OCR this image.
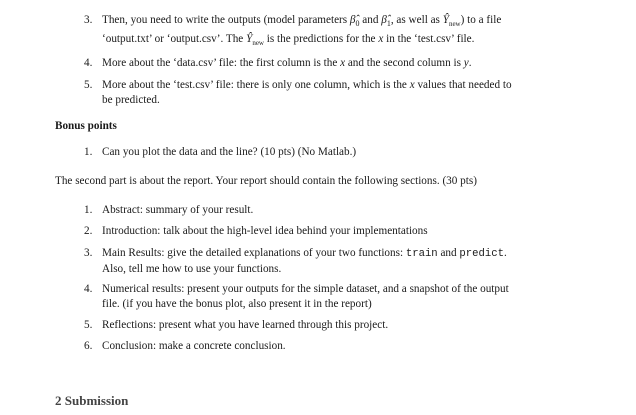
3. Then, you need to write the outputs (model parameters $\betâ_0$ and $\betâ_1$, as well as $Ŷ_{new}$) to a file
‘output.txt’ or ‘output.csv’. The $Ŷ_{new}$ is the predictions for the x in the ‘test.csv’ file.
4. More about the ‘data.csv’ file: the first column is the x and the second column is y.
5. More about the ‘test.csv’ file: there is only one column, which is the x values that needed to
be predicted.
Bonus points
1. Can you plot the data and the line? (10 pts) (No Matlab.)
The second part is about the report. Your report should contain the following sections. (30 pts)
1. Abstract: summary of your result.
2. Introduction: talk about the high-level idea behind your implementations
3. Main Results: give the detailed explanations of your two functions: train and predict.
Also, tell me how to use your functions.
4. Numerical results: present your outputs for the simple dataset, and a snapshot of the output
file. (if you have the bonus plot, also present it in the report)
5. Reflections: present what you have learned through this project.
6. Conclusion: make a concrete conclusion.
2 Submission
